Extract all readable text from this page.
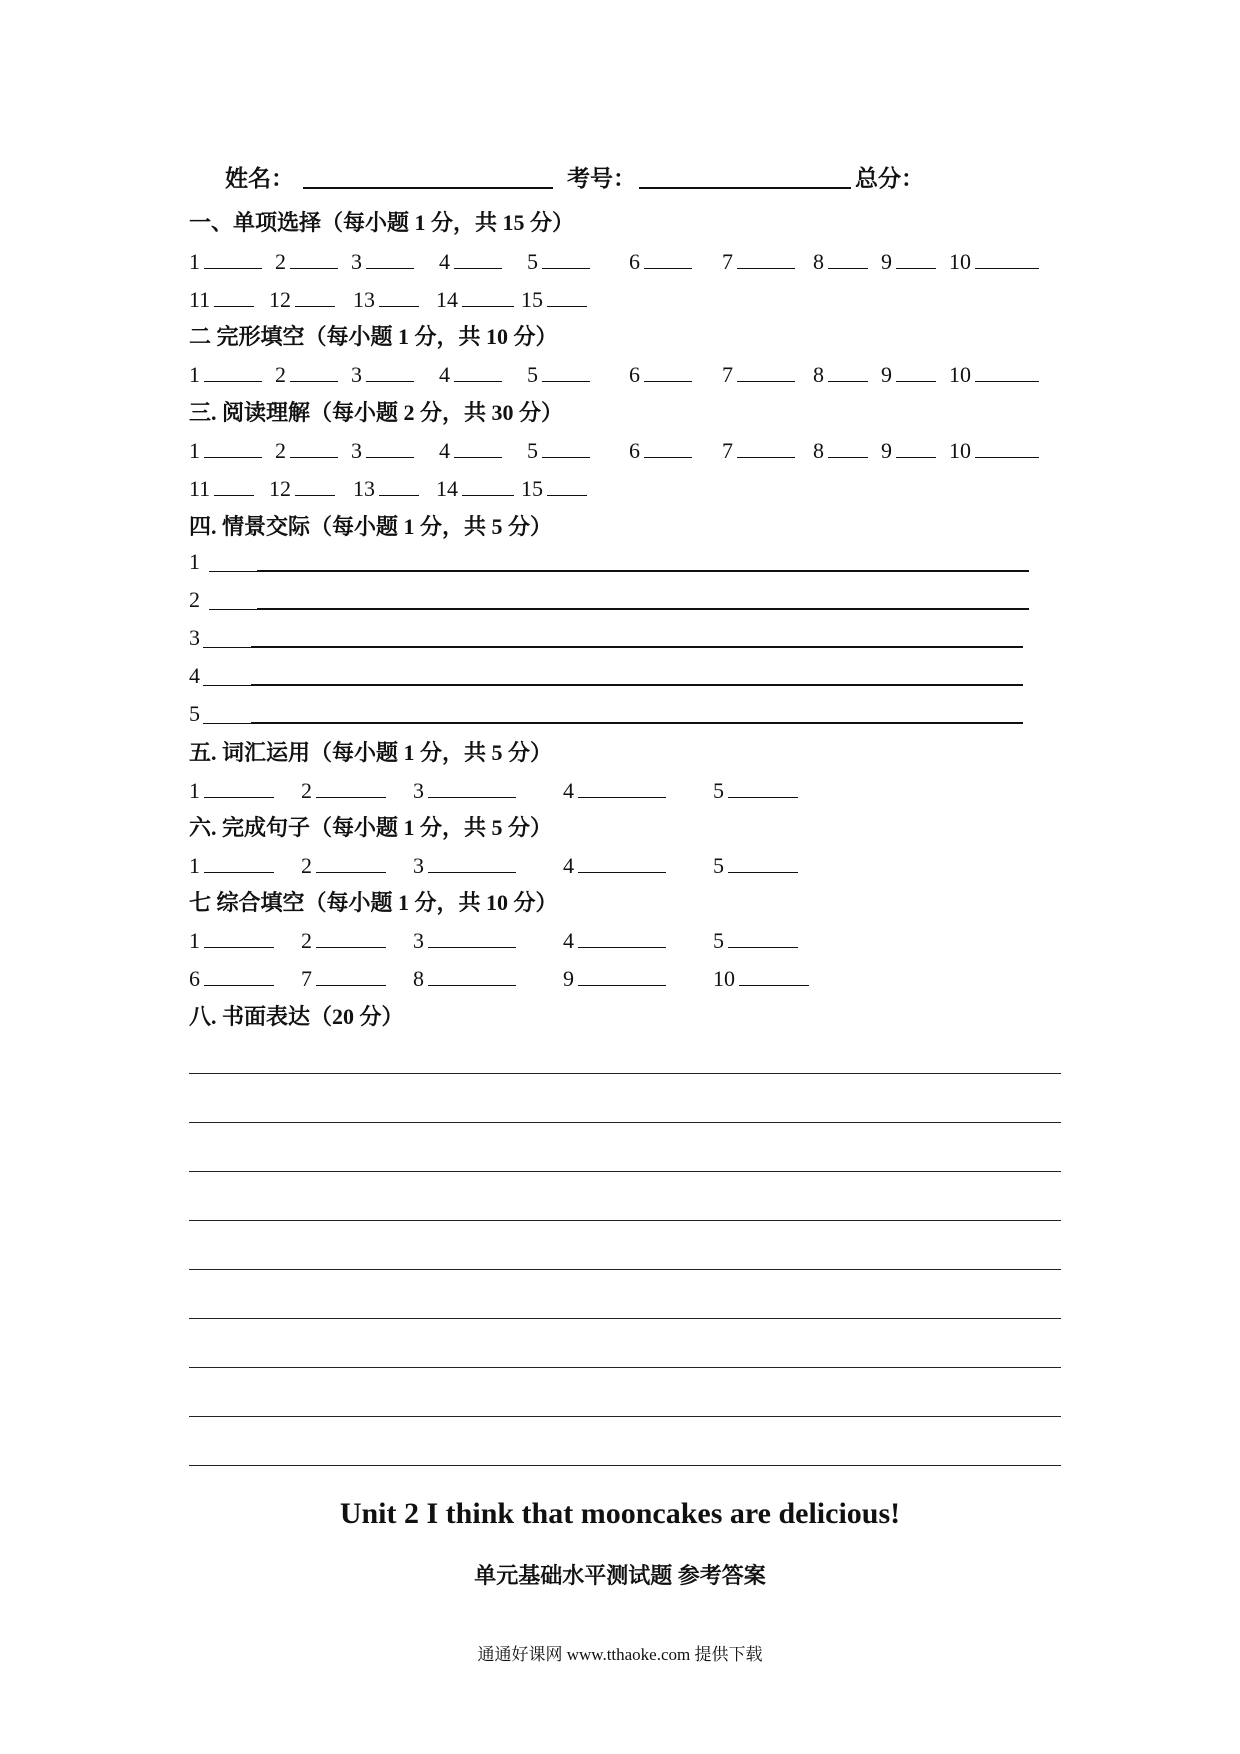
姓名：	考号：	总分：
一、单项选择（每小题 1 分，共 15 分）
1	2	3	4	5	6	7	8	9	10
11	12	13	14	15
二 完形填空（每小题 1 分，共 10 分）
1	2	3	4	5	6	7	8	9	10
三. 阅读理解（每小题 2 分，共 30 分）
1	2	3	4	5	6	7	8	9	10
11	12	13	14	15
四. 情景交际（每小题 1 分，共 5 分）
1
2
3
4
5
五. 词汇运用（每小题 1 分，共 5 分）
1	2	3	4	5
六. 完成句子（每小题 1 分，共 5 分）
1	2	3	4	5
七 综合填空（每小题 1 分，共 10 分）
1	2	3	4	5
6	7	8	9	10
八. 书面表达（20 分）
Unit 2 I think that mooncakes are delicious!
单元基础水平测试题 参考答案
通通好课网 www.tthaoke.com 提供下载
